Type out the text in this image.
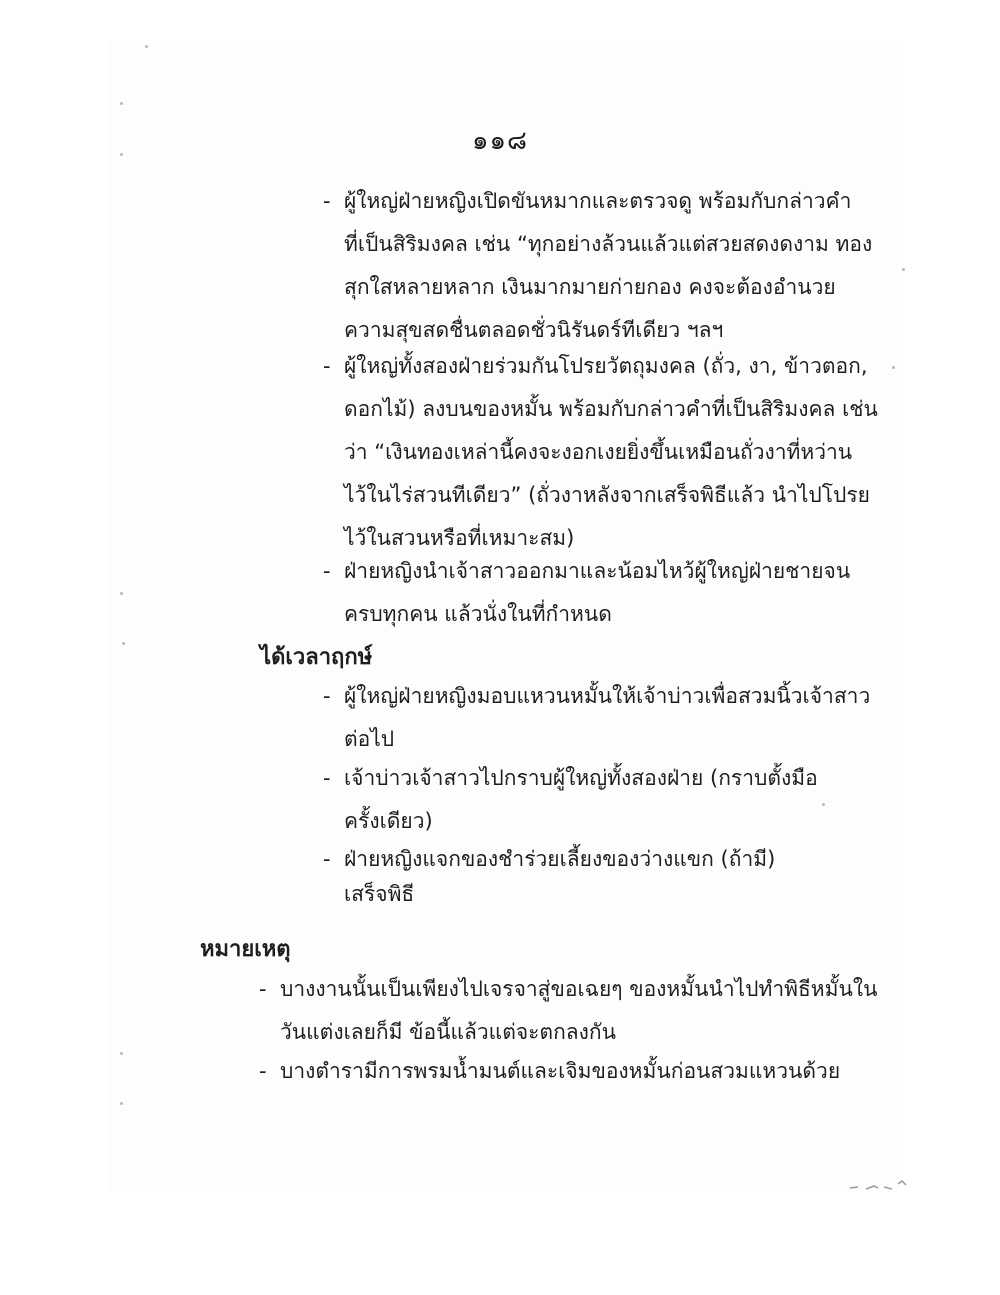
๑๑๘
- ผู้ใหญ่ฝ่ายหญิงเปิดขันหมากและตรวจดู พร้อมกับกล่าวคำ
ที่เป็นสิริมงคล เช่น “ทุกอย่างล้วนแล้วแต่สวยสดงดงาม ทอง
สุกใสหลายหลาก เงินมากมายก่ายกอง คงจะต้องอำนวย
ความสุขสดชื่นตลอดชั่วนิรันดร์ทีเดียว ฯลฯ
- ผู้ใหญ่ทั้งสองฝ่ายร่วมกันโปรยวัตถุมงคล (ถั่ว, งา, ข้าวตอก,
ดอกไม้) ลงบนของหมั้น พร้อมกับกล่าวคำที่เป็นสิริมงคล เช่น
ว่า “เงินทองเหล่านี้คงจะงอกเงยยิ่งขึ้นเหมือนถั่วงาที่หว่าน
ไว้ในไร่สวนทีเดียว” (ถั่วงาหลังจากเสร็จพิธีแล้ว นำไปโปรย
ไว้ในสวนหรือที่เหมาะสม)
- ฝ่ายหญิงนำเจ้าสาวออกมาและน้อมไหว้ผู้ใหญ่ฝ่ายชายจน
ครบทุกคน แล้วนั่งในที่กำหนด
ได้เวลาฤกษ์
- ผู้ใหญ่ฝ่ายหญิงมอบแหวนหมั้นให้เจ้าบ่าวเพื่อสวมนิ้วเจ้าสาว
ต่อไป
- เจ้าบ่าวเจ้าสาวไปกราบผู้ใหญ่ทั้งสองฝ่าย (กราบตั้งมือ
ครั้งเดียว)
- ฝ่ายหญิงแจกของชำร่วยเลี้ยงของว่างแขก (ถ้ามี)
เสร็จพิธี
หมายเหตุ
- บางงานนั้นเป็นเพียงไปเจรจาสู่ขอเฉยๆ ของหมั้นนำไปทำพิธีหมั้นใน
วันแต่งเลยก็มี ข้อนี้แล้วแต่จะตกลงกัน
- บางตำรามีการพรมน้ำมนต์และเจิมของหมั้นก่อนสวมแหวนด้วย
